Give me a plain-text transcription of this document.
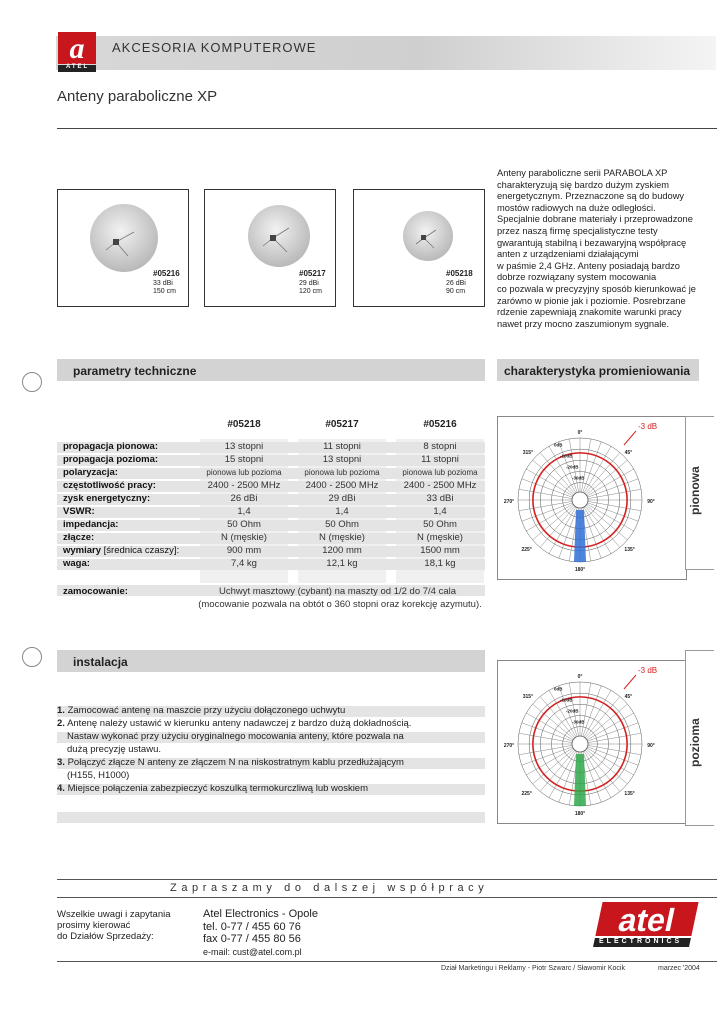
a
ATEL
AKCESORIA KOMPUTEROWE
Anteny paraboliczne XP
#05216
33 dBi
150 cm
#05217
29 dBi
120 cm
#05218
26 dBi
90 cm
Anteny paraboliczne serii PARABOLA XP
charakteryzują się bardzo dużym zyskiem
energetycznym. Przeznaczone są do budowy
mostów radiowych na duże odległości.
Specjalnie dobrane materiały i przeprowadzone
przez naszą firmę specjalistyczne testy
gwarantują stabilną i bezawaryjną współpracę
anten z urządzeniami działającymi
w paśmie 2,4 GHz. Anteny posiadają bardzo
dobrze rozwiązany system mocowania
co pozwala w precyzyjny sposób kierunkować je
zarówno w pionie jak i poziomie. Posrebrzane
rdzenie zapewniają znakomite warunki pracy
nawet przy mocno zaszumionym sygnale.
parametry techniczne	charakterystyka promieniowania
#05218	#05217	#05216
propagacja pionowa:	13 stopni	11 stopni	8 stopni
propagacja pozioma:	15 stopni	13 stopni	11 stopni
polaryzacja:	pionowa lub pozioma	pionowa lub pozioma	pionowa lub pozioma
częstotliwość pracy:	2400 - 2500 MHz	2400 - 2500 MHz	2400 - 2500 MHz
zysk energetyczny:	26 dBi	29 dBi	33 dBi
VSWR:	1,4	1,4	1,4
impedancja:	50 Ohm	50 Ohm	50 Ohm
złącze:	N (męskie)	N (męskie)	N (męskie)
wymiary [średnica czaszy]:	900 mm	1200 mm	1500 mm
waga:	7,4 kg	12,1 kg	18,1 kg
zamocowanie:	Uchwyt masztowy (cybant) na maszty od 1/2 do 7/4 cala
(mocowanie pozwala na obtót o 360 stopni oraz korekcję azymutu).
0°
45°
90°
135°
180°
225°
270°
315°
0dB
-10dB
-20dB
-30dB
-3 dB
pionowa
0°
45°
90°
135°
180°
225°
270°
315°
0dB
-10dB
-20dB
-30dB
-3 dB
pozioma
instalacja
1. Zamocować antenę na maszcie przy użyciu dołączonego uchwytu
2. Antenę należy ustawić w kierunku anteny nadawczej z bardzo dużą dokładnością.
Nastaw wykonać przy użyciu oryginalnego mocowania anteny, które pozwala na
dużą precyzję ustawu.
3. Połączyć złącze N anteny ze złączem N na niskostratnym kablu przedłużającym
(H155, H1000)
4. Miejsce połączenia zabezpieczyć koszulką termokurczliwą lub woskiem
Zapraszamy do dalszej współpracy
Wszelkie uwagi i zapytania
prosimy kierować
do Działów Sprzedaży:
Atel Electronics - Opole
tel. 0-77 / 455 60 76
fax 0-77 / 455 80 56
e-mail: cust@atel.com.pl
atel
ELECTRONICS
Dział Marketingu i Reklamy - Piotr Szwarc / Sławomir Kocik	marzec '2004
